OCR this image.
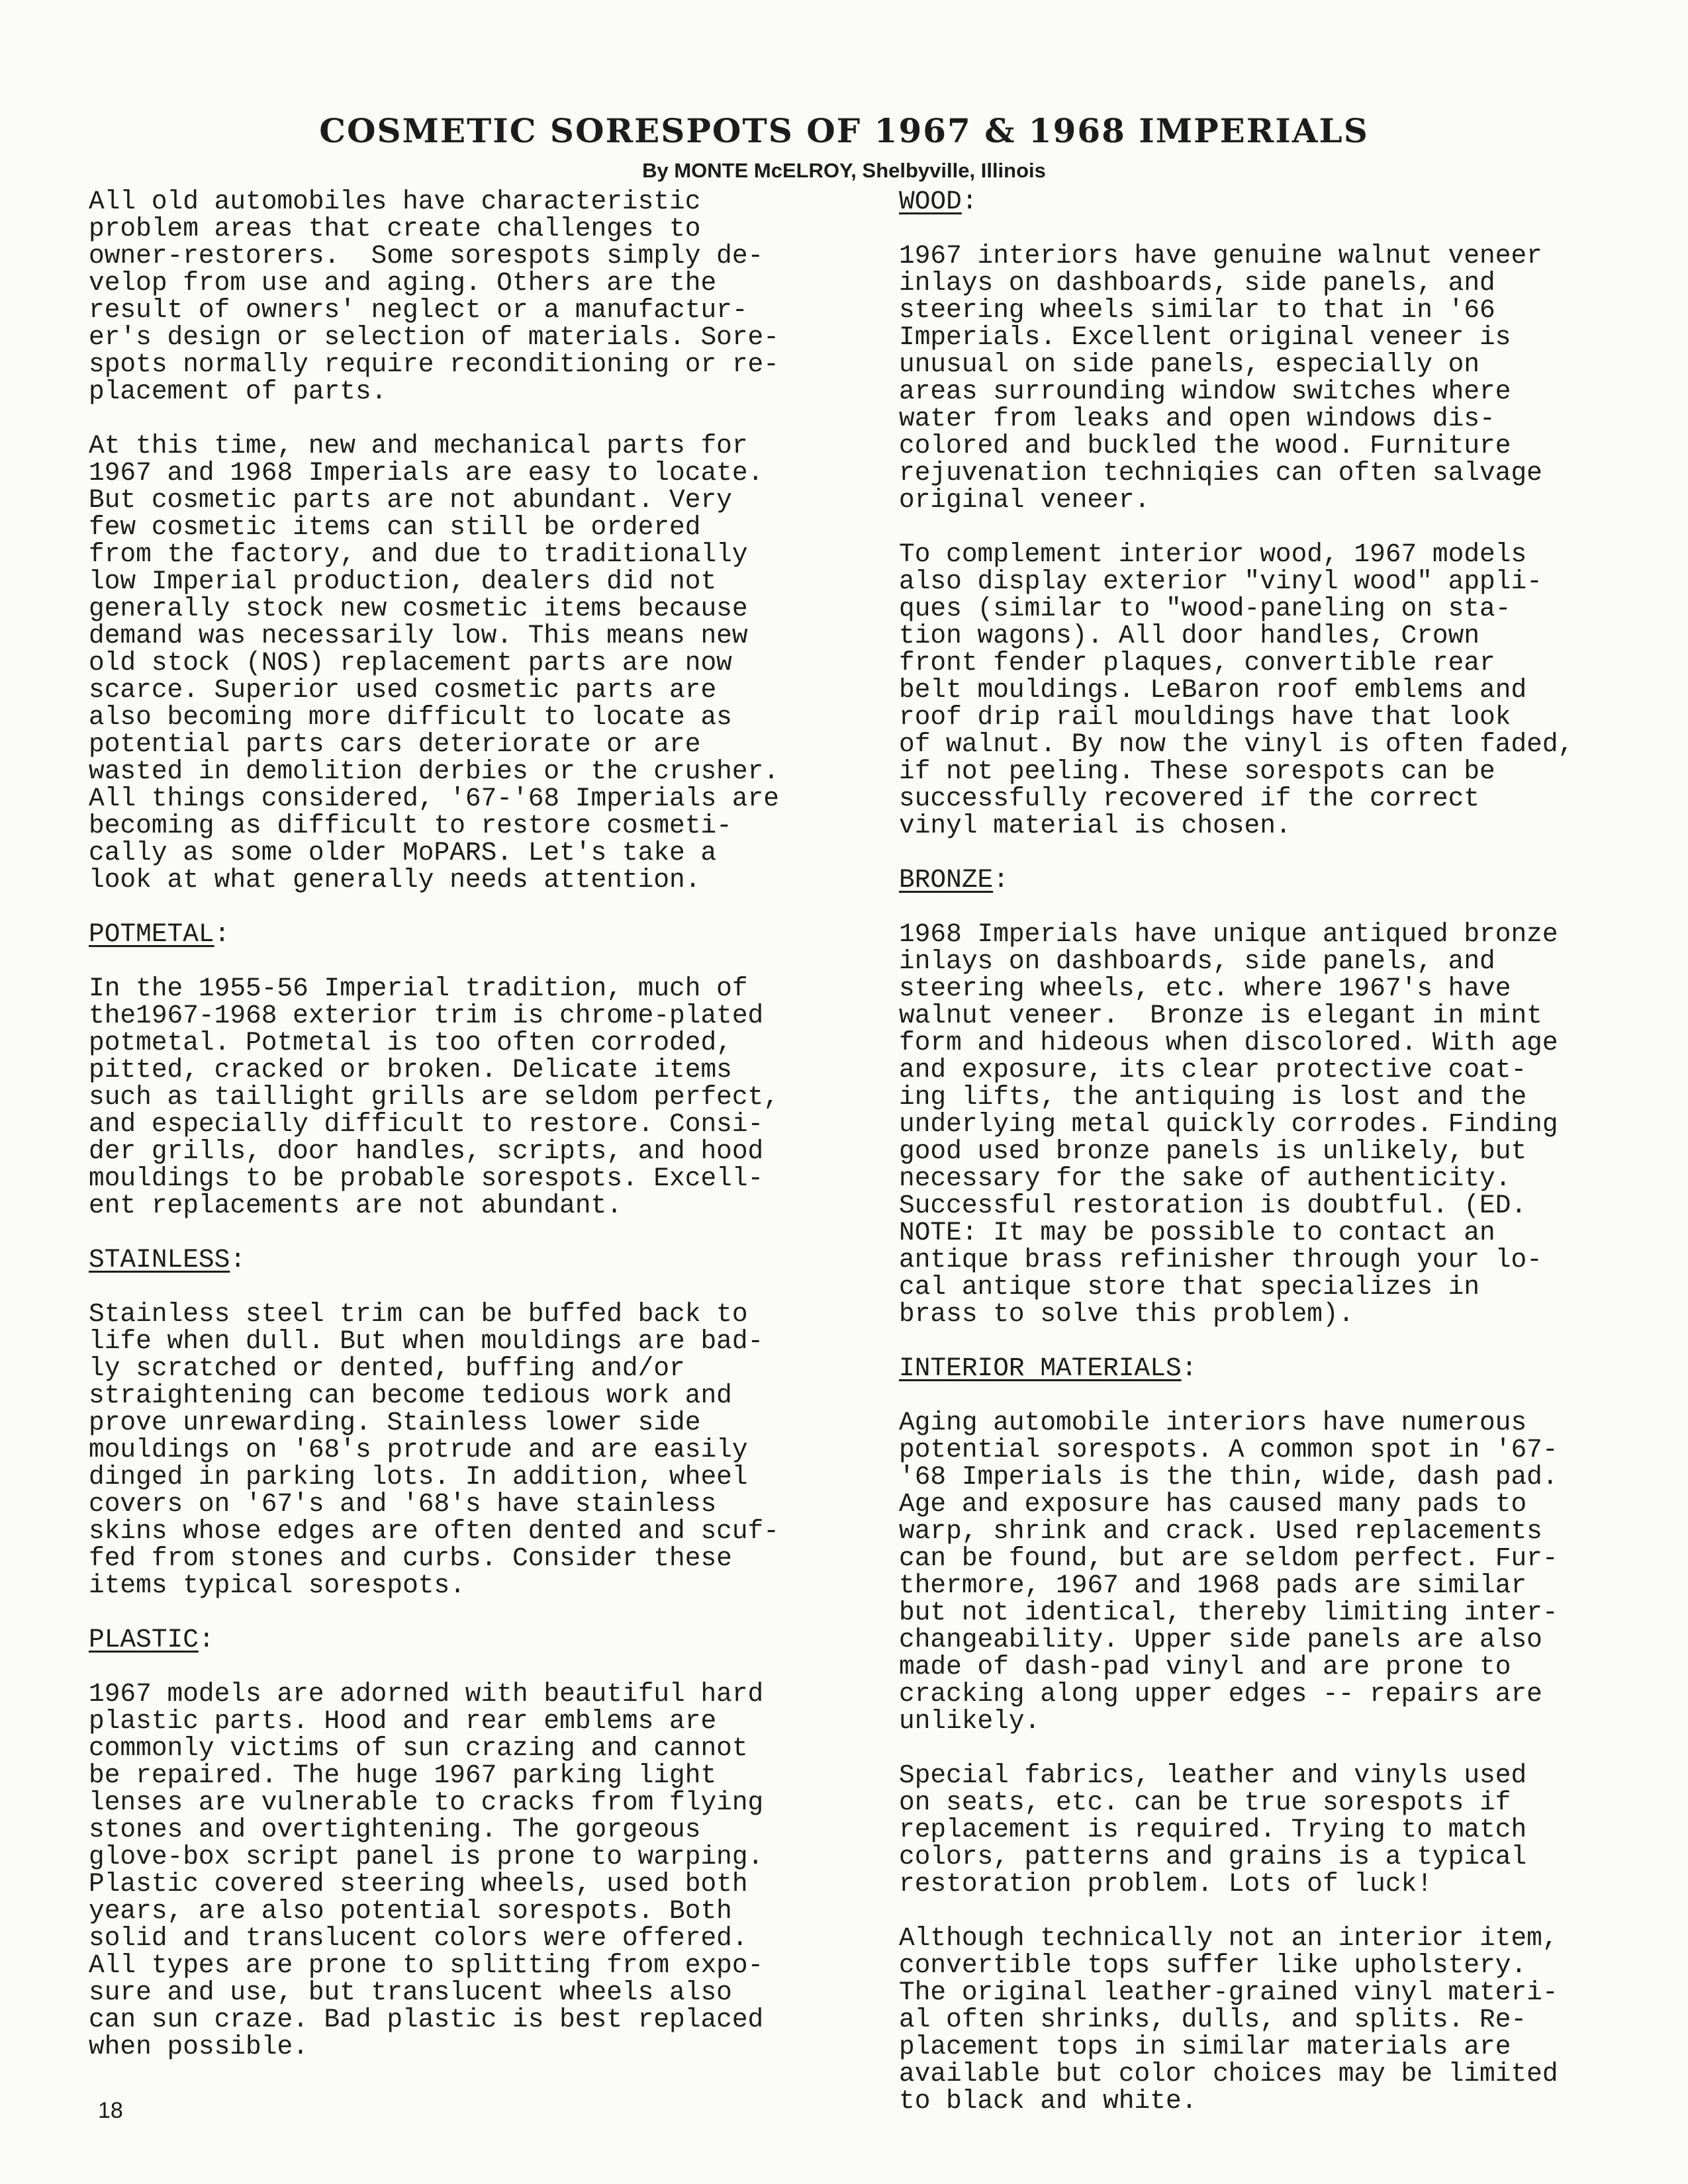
COSMETIC SORESPOTS OF 1967 & 1968 IMPERIALS
By MONTE McELROY, Shelbyville, Illinois

All old automobiles have characteristic
problem areas that create challenges to
owner-restorers.  Some sorespots simply de-
velop from use and aging. Others are the
result of owners' neglect or a manufactur-
er's design or selection of materials. Sore-
spots normally require reconditioning or re-
placement of parts.

At this time, new and mechanical parts for
1967 and 1968 Imperials are easy to locate.
But cosmetic parts are not abundant. Very
few cosmetic items can still be ordered
from the factory, and due to traditionally
low Imperial production, dealers did not
generally stock new cosmetic items because
demand was necessarily low. This means new
old stock (NOS) replacement parts are now
scarce. Superior used cosmetic parts are
also becoming more difficult to locate as
potential parts cars deteriorate or are
wasted in demolition derbies or the crusher.
All things considered, '67-'68 Imperials are
becoming as difficult to restore cosmeti-
cally as some older MoPARS. Let's take a
look at what generally needs attention.

POTMETAL:

In the 1955-56 Imperial tradition, much of
the1967-1968 exterior trim is chrome-plated
potmetal. Potmetal is too often corroded,
pitted, cracked or broken. Delicate items
such as taillight grills are seldom perfect,
and especially difficult to restore. Consi-
der grills, door handles, scripts, and hood
mouldings to be probable sorespots. Excell-
ent replacements are not abundant.

STAINLESS:

Stainless steel trim can be buffed back to
life when dull. But when mouldings are bad-
ly scratched or dented, buffing and/or
straightening can become tedious work and
prove unrewarding. Stainless lower side
mouldings on '68's protrude and are easily
dinged in parking lots. In addition, wheel
covers on '67's and '68's have stainless
skins whose edges are often dented and scuf-
fed from stones and curbs. Consider these
items typical sorespots.

PLASTIC:

1967 models are adorned with beautiful hard
plastic parts. Hood and rear emblems are
commonly victims of sun crazing and cannot
be repaired. The huge 1967 parking light
lenses are vulnerable to cracks from flying
stones and overtightening. The gorgeous
glove-box script panel is prone to warping.
Plastic covered steering wheels, used both
years, are also potential sorespots. Both
solid and translucent colors were offered.
All types are prone to splitting from expo-
sure and use, but translucent wheels also
can sun craze. Bad plastic is best replaced
when possible.

WOOD:

1967 interiors have genuine walnut veneer
inlays on dashboards, side panels, and
steering wheels similar to that in '66
Imperials. Excellent original veneer is
unusual on side panels, especially on
areas surrounding window switches where
water from leaks and open windows dis-
colored and buckled the wood. Furniture
rejuvenation techniqies can often salvage
original veneer.

To complement interior wood, 1967 models
also display exterior "vinyl wood" appli-
ques (similar to "wood-paneling on sta-
tion wagons). All door handles, Crown
front fender plaques, convertible rear
belt mouldings. LeBaron roof emblems and
roof drip rail mouldings have that look
of walnut. By now the vinyl is often faded,
if not peeling. These sorespots can be
successfully recovered if the correct
vinyl material is chosen.

BRONZE:

1968 Imperials have unique antiqued bronze
inlays on dashboards, side panels, and
steering wheels, etc. where 1967's have
walnut veneer.  Bronze is elegant in mint
form and hideous when discolored. With age
and exposure, its clear protective coat-
ing lifts, the antiquing is lost and the
underlying metal quickly corrodes. Finding
good used bronze panels is unlikely, but
necessary for the sake of authenticity.
Successful restoration is doubtful. (ED.
NOTE: It may be possible to contact an
antique brass refinisher through your lo-
cal antique store that specializes in
brass to solve this problem).

INTERIOR MATERIALS:

Aging automobile interiors have numerous
potential sorespots. A common spot in '67-
'68 Imperials is the thin, wide, dash pad.
Age and exposure has caused many pads to
warp, shrink and crack. Used replacements
can be found, but are seldom perfect. Fur-
thermore, 1967 and 1968 pads are similar
but not identical, thereby limiting inter-
changeability. Upper side panels are also
made of dash-pad vinyl and are prone to
cracking along upper edges -- repairs are
unlikely.

Special fabrics, leather and vinyls used
on seats, etc. can be true sorespots if
replacement is required. Trying to match
colors, patterns and grains is a typical
restoration problem. Lots of luck!

Although technically not an interior item,
convertible tops suffer like upholstery.
The original leather-grained vinyl materi-
al often shrinks, dulls, and splits. Re-
placement tops in similar materials are
available but color choices may be limited
to black and white.

18
